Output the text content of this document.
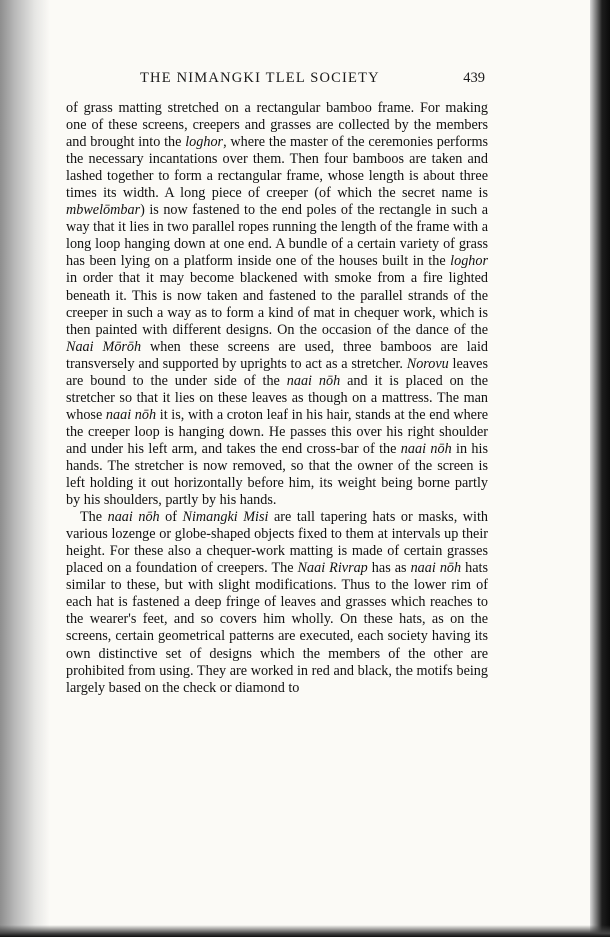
THE NIMANGKI TLEL SOCIETY	439

of grass matting stretched on a rectangular bamboo frame. For making one of these screens, creepers and grasses are collected by the members and brought into the loghor, where the master of the ceremonies performs the necessary incantations over them. Then four bamboos are taken and lashed together to form a rectangular frame, whose length is about three times its width. A long piece of creeper (of which the secret name is mbwelōmbar) is now fastened to the end poles of the rectangle in such a way that it lies in two parallel ropes running the length of the frame with a long loop hanging down at one end. A bundle of a certain variety of grass has been lying on a platform inside one of the houses built in the loghor in order that it may become blackened with smoke from a fire lighted beneath it. This is now taken and fastened to the parallel strands of the creeper in such a way as to form a kind of mat in chequer work, which is then painted with different designs. On the occasion of the dance of the Naai Mōrōh when these screens are used, three bamboos are laid transversely and supported by uprights to act as a stretcher. Norovu leaves are bound to the under side of the naai nōh and it is placed on the stretcher so that it lies on these leaves as though on a mattress. The man whose naai nōh it is, with a croton leaf in his hair, stands at the end where the creeper loop is hanging down. He passes this over his right shoulder and under his left arm, and takes the end cross-bar of the naai nōh in his hands. The stretcher is now removed, so that the owner of the screen is left holding it out horizontally before him, its weight being borne partly by his shoulders, partly by his hands.

The naai nōh of Nimangki Misi are tall tapering hats or masks, with various lozenge or globe-shaped objects fixed to them at intervals up their height. For these also a chequer-work matting is made of certain grasses placed on a foundation of creepers. The Naai Rivrap has as naai nōh hats similar to these, but with slight modifications. Thus to the lower rim of each hat is fastened a deep fringe of leaves and grasses which reaches to the wearer's feet, and so covers him wholly. On these hats, as on the screens, certain geometrical patterns are executed, each society having its own distinctive set of designs which the members of the other are prohibited from using. They are worked in red and black, the motifs being largely based on the check or diamond to
